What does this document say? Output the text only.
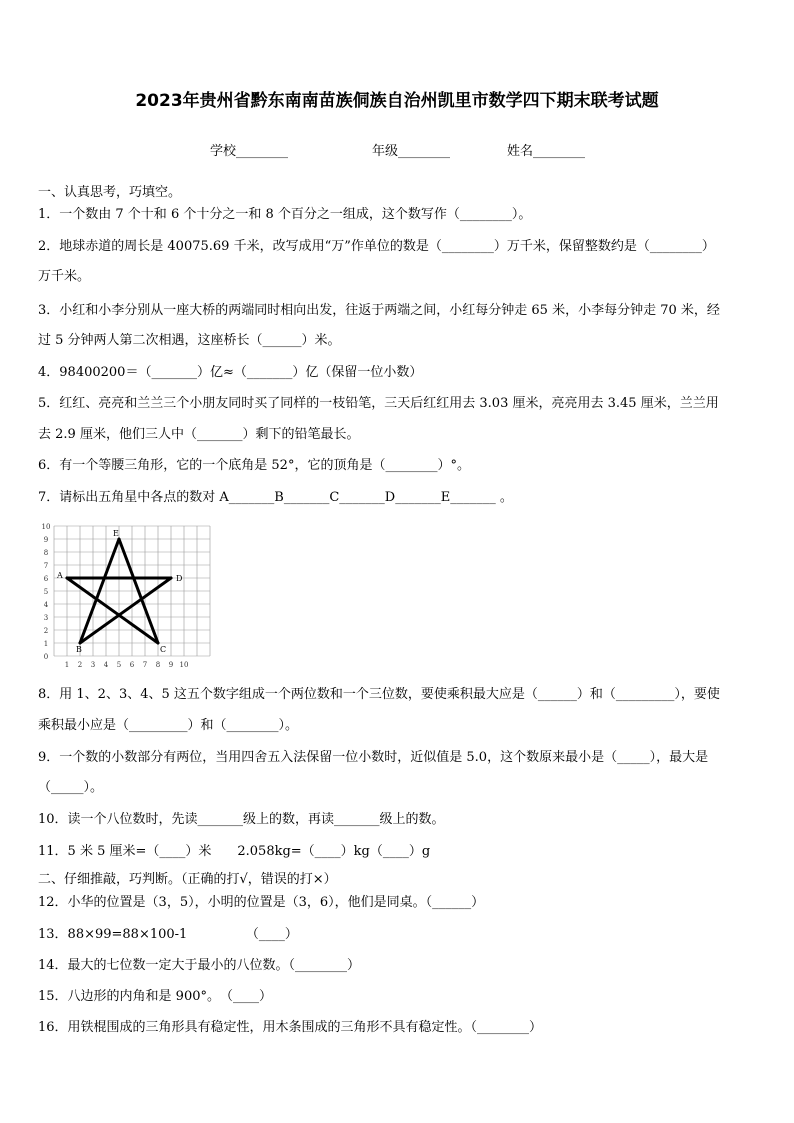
2023年贵州省黔东南南苗族侗族自治州凯里市数学四下期末联考试题
学校________	年级________	姓名________
一、认真思考，巧填空。
1．一个数由 7 个十和 6 个十分之一和 8 个百分之一组成，这个数写作（________）。
2．地球赤道的周长是 40075.69 千米，改写成用“万”作单位的数是（________）万千米，保留整数约是（________）
万千米。
3．小红和小李分别从一座大桥的两端同时相向出发，往返于两端之间，小红每分钟走 65 米，小李每分钟走 70 米，经
过 5 分钟两人第二次相遇，这座桥长（______）米。
4．98400200＝（_______）亿≈（_______）亿（保留一位小数）
5．红红、亮亮和兰兰三个小朋友同时买了同样的一枝铅笔，三天后红红用去 3.03 厘米，亮亮用去 3.45 厘米，兰兰用
去 2.9 厘米，他们三人中（_______）剩下的铅笔最长。
6．有一个等腰三角形，它的一个底角是 52°，它的顶角是（________）°。
7．请标出五角星中各点的数对 A_______B_______C_______D_______E_______ 。
1 2 3 4 5 6 7 8 9 10
0
1
2
3
4
5
6
7
8
9
10
A
B	C
D
E
8．用 1、2、3、4、5 这五个数字组成一个两位数和一个三位数，要使乘积最大应是（______）和（_________），要使
乘积最小应是（_________）和（________）。
9．一个数的小数部分有两位，当用四舍五入法保留一位小数时，近似值是 5.0，这个数原来最小是（_____），最大是
（_____）。
10．读一个八位数时，先读_______级上的数，再读_______级上的数。
11．5 米 5 厘米=（____）米　　2.058kg=（____）kg（____）g
二、仔细推敲，巧判断。（正确的打√，错误的打×）
12．小华的位置是（3，5），小明的位置是（3，6），他们是同桌。（______）
13．88×99=88×100-1　　　　　（____）
14．最大的七位数一定大于最小的八位数。（________）
15．八边形的内角和是 900°。　（____）
16．用铁棍围成的三角形具有稳定性，用木条围成的三角形不具有稳定性。（________）
